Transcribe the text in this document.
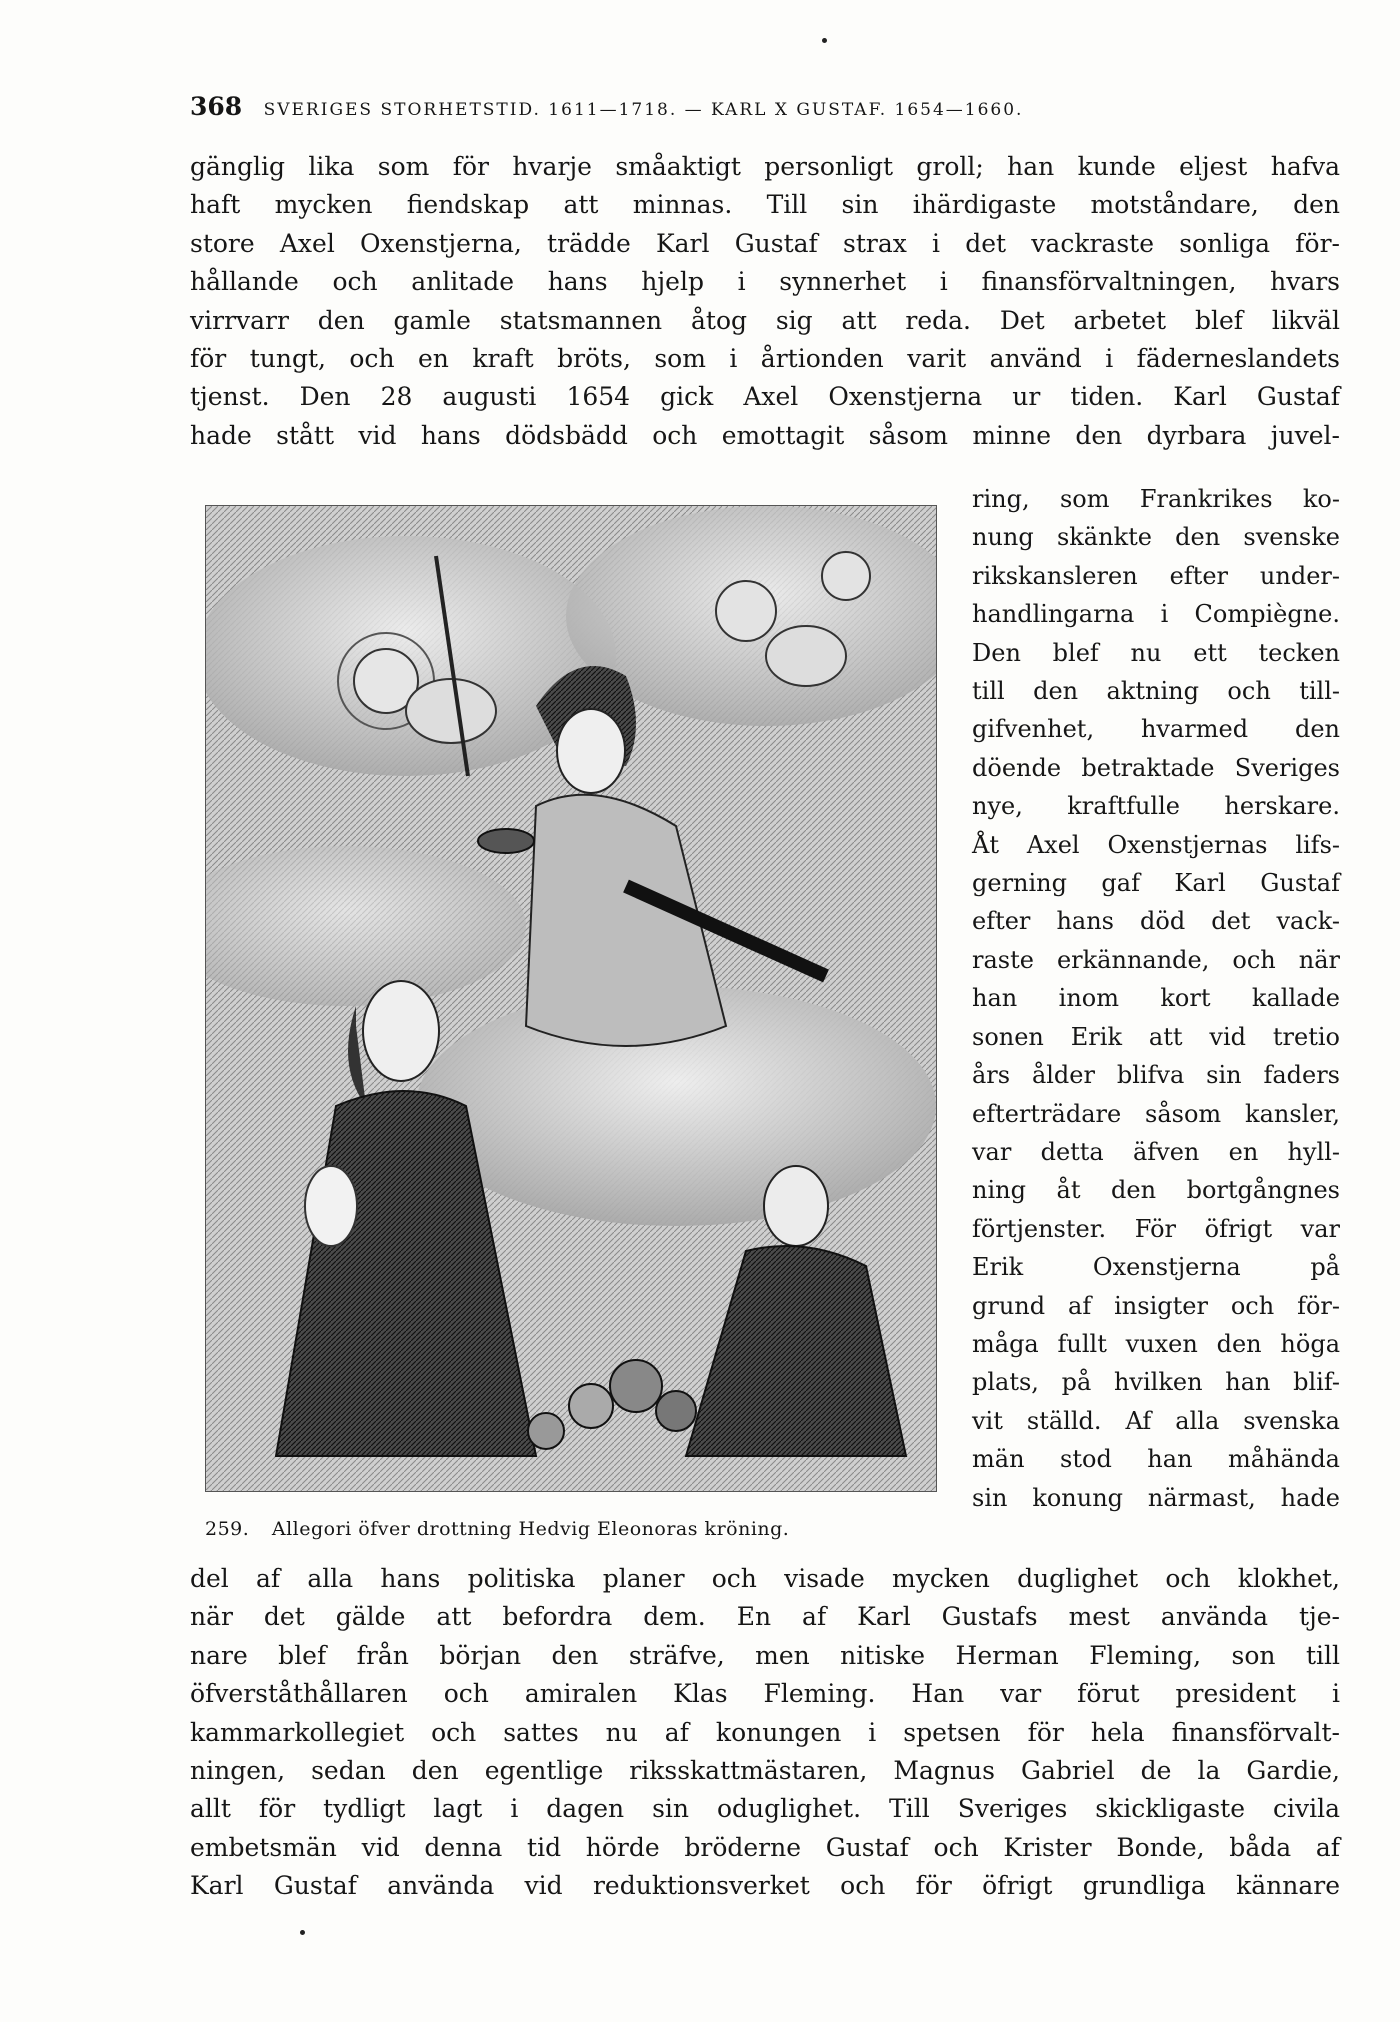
368 SVERIGES STORHETSTID. 1611—1718. — KARL X GUSTAF. 1654—1660.
gänglig lika som för hvarje småaktigt personligt groll; han kunde eljest hafva
haft mycken fiendskap att minnas. Till sin ihärdigaste motståndare, den
store Axel Oxenstjerna, trädde Karl Gustaf strax i det vackraste sonliga för-
hållande och anlitade hans hjelp i synnerhet i finansförvaltningen, hvars
virrvarr den gamle statsmannen åtog sig att reda. Det arbetet blef likväl
för tungt, och en kraft bröts, som i årtionden varit använd i fäderneslandets
tjenst. Den 28 augusti 1654 gick Axel Oxenstjerna ur tiden. Karl Gustaf
hade stått vid hans dödsbädd och emottagit såsom minne den dyrbara juvel-
259. Allegori öfver drottning Hedvig Eleonoras kröning.
ring, som Frankrikes ko-
nung skänkte den svenske
rikskansleren efter under-
handlingarna i Compiègne.
Den blef nu ett tecken
till den aktning och till-
gifvenhet, hvarmed den
döende betraktade Sveriges
nye, kraftfulle herskare.
Åt Axel Oxenstjernas lifs-
gerning gaf Karl Gustaf
efter hans död det vack-
raste erkännande, och när
han inom kort kallade
sonen Erik att vid tretio
års ålder blifva sin faders
efterträdare såsom kansler,
var detta äfven en hyll-
ning åt den bortgångnes
förtjenster. För öfrigt var
Erik Oxenstjerna på
grund af insigter och för-
måga fullt vuxen den höga
plats, på hvilken han blif-
vit ställd. Af alla svenska
män stod han måhända
sin konung närmast, hade
del af alla hans politiska planer och visade mycken duglighet och klokhet,
när det gälde att befordra dem. En af Karl Gustafs mest använda tje-
nare blef från början den sträfve, men nitiske Herman Fleming, son till
öfverståthållaren och amiralen Klas Fleming. Han var förut president i
kammarkollegiet och sattes nu af konungen i spetsen för hela finansförvalt-
ningen, sedan den egentlige riksskattmästaren, Magnus Gabriel de la Gardie,
allt för tydligt lagt i dagen sin oduglighet. Till Sveriges skickligaste civila
embetsmän vid denna tid hörde bröderne Gustaf och Krister Bonde, båda af
Karl Gustaf använda vid reduktionsverket och för öfrigt grundliga kännare
